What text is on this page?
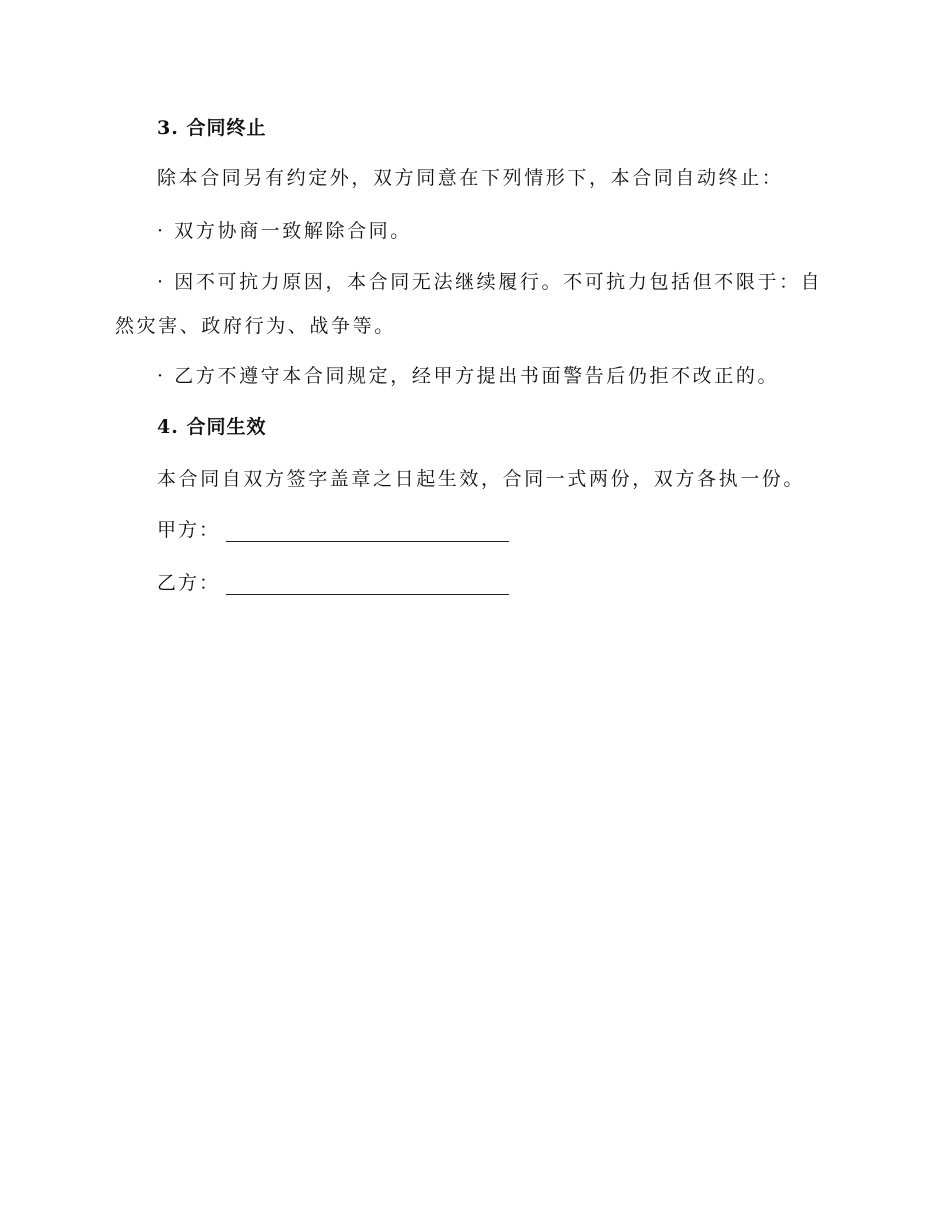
3. 合同终止
除本合同另有约定外，双方同意在下列情形下，本合同自动终止：
· 双方协商一致解除合同。
· 因不可抗力原因，本合同无法继续履行。不可抗力包括但不限于：自然灾害、政府行为、战争等。
· 乙方不遵守本合同规定，经甲方提出书面警告后仍拒不改正的。
4. 合同生效
本合同自双方签字盖章之日起生效，合同一式两份，双方各执一份。
甲方：
乙方：
